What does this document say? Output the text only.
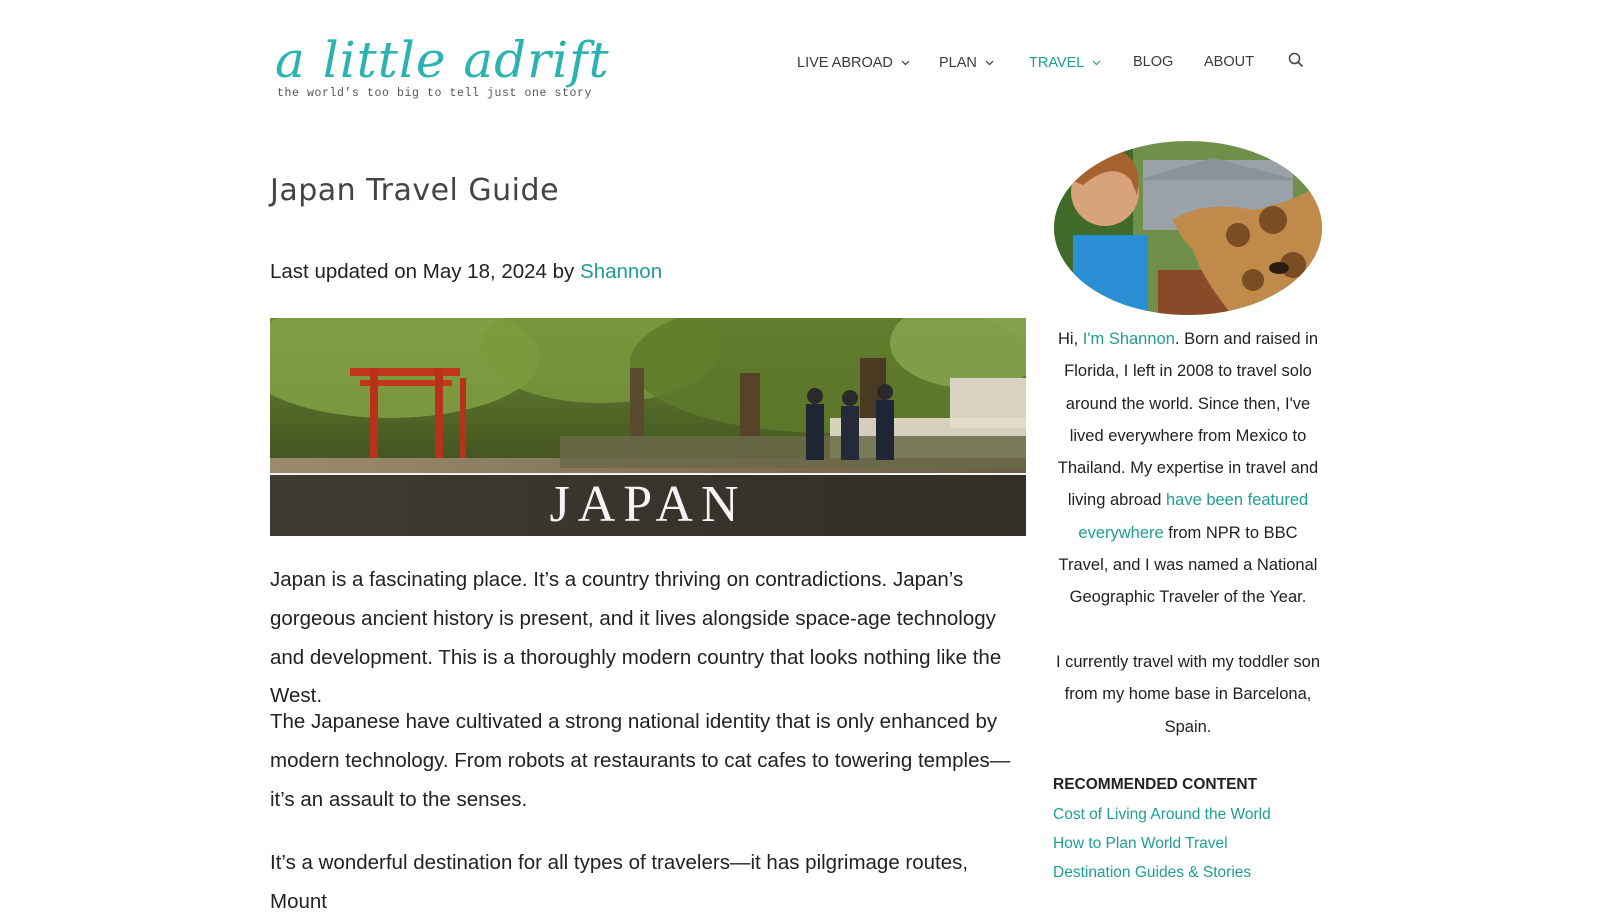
a little adrift
the world’s too big to tell just one story
LIVE ABROAD	PLAN	TRAVEL	BLOG ABOUT
Japan Travel Guide
Last updated on May 18, 2024 by Shannon
JAPAN

Japan is a fascinating place. It’s a country thriving on contradictions. Japan’s gorgeous ancient history is present, and it lives alongside space-age technology and development. This is a thoroughly modern country that looks nothing like the West.

The Japanese have cultivated a strong national identity that is only enhanced by modern technology. From robots at restaurants to cat cafes to towering temples—it’s an assault to the senses.

It’s a wonderful destination for all types of travelers—it has pilgrimage routes, Mount

Hi, I'm Shannon. Born and raised in Florida, I left in 2008 to travel solo around the world. Since then, I've lived everywhere from Mexico to Thailand. My expertise in travel and living abroad have been featured everywhere from NPR to BBC Travel, and I was named a National Geographic Traveler of the Year.

I currently travel with my toddler son from my home base in Barcelona, Spain.

RECOMMENDED CONTENT
Cost of Living Around the World
How to Plan World Travel
Destination Guides & Stories
